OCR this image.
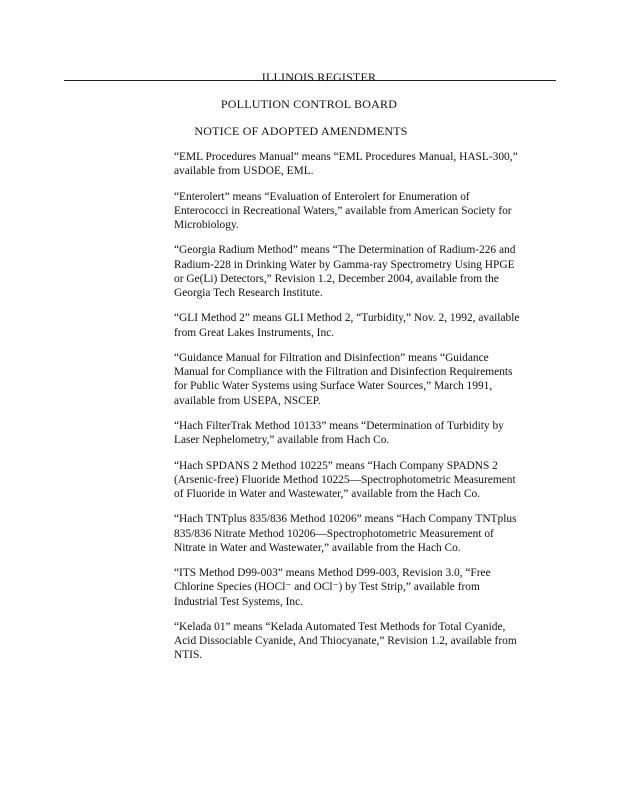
ILLINOIS REGISTER
POLLUTION CONTROL BOARD
NOTICE OF ADOPTED AMENDMENTS

“EML Procedures Manual” means “EML Procedures Manual, HASL-300,” available from USDOE, EML.

“Enterolert” means “Evaluation of Enterolert for Enumeration of Enterococci in Recreational Waters,” available from American Society for Microbiology.

“Georgia Radium Method” means “The Determination of Radium-226 and Radium-228 in Drinking Water by Gamma-ray Spectrometry Using HPGE or Ge(Li) Detectors,” Revision 1.2, December 2004, available from the Georgia Tech Research Institute.

“GLI Method 2” means GLI Method 2, “Turbidity,” Nov. 2, 1992, available from Great Lakes Instruments, Inc.

“Guidance Manual for Filtration and Disinfection” means “Guidance Manual for Compliance with the Filtration and Disinfection Requirements for Public Water Systems using Surface Water Sources,” March 1991, available from USEPA, NSCEP.

“Hach FilterTrak Method 10133” means “Determination of Turbidity by Laser Nephelometry,” available from Hach Co.

“Hach SPDANS 2 Method 10225” means “Hach Company SPADNS 2 (Arsenic-free) Fluoride Method 10225—Spectrophotometric Measurement of Fluoride in Water and Wastewater,” available from the Hach Co.

“Hach TNTplus 835/836 Method 10206” means “Hach Company TNTplus 835/836 Nitrate Method 10206—Spectrophotometric Measurement of Nitrate in Water and Wastewater,” available from the Hach Co.

“ITS Method D99-003” means Method D99-003, Revision 3.0, “Free Chlorine Species (HOCl⁻ and OCl⁻) by Test Strip,” available from Industrial Test Systems, Inc.

“Kelada 01” means “Kelada Automated Test Methods for Total Cyanide, Acid Dissociable Cyanide, And Thiocyanate,” Revision 1.2, available from NTIS.
